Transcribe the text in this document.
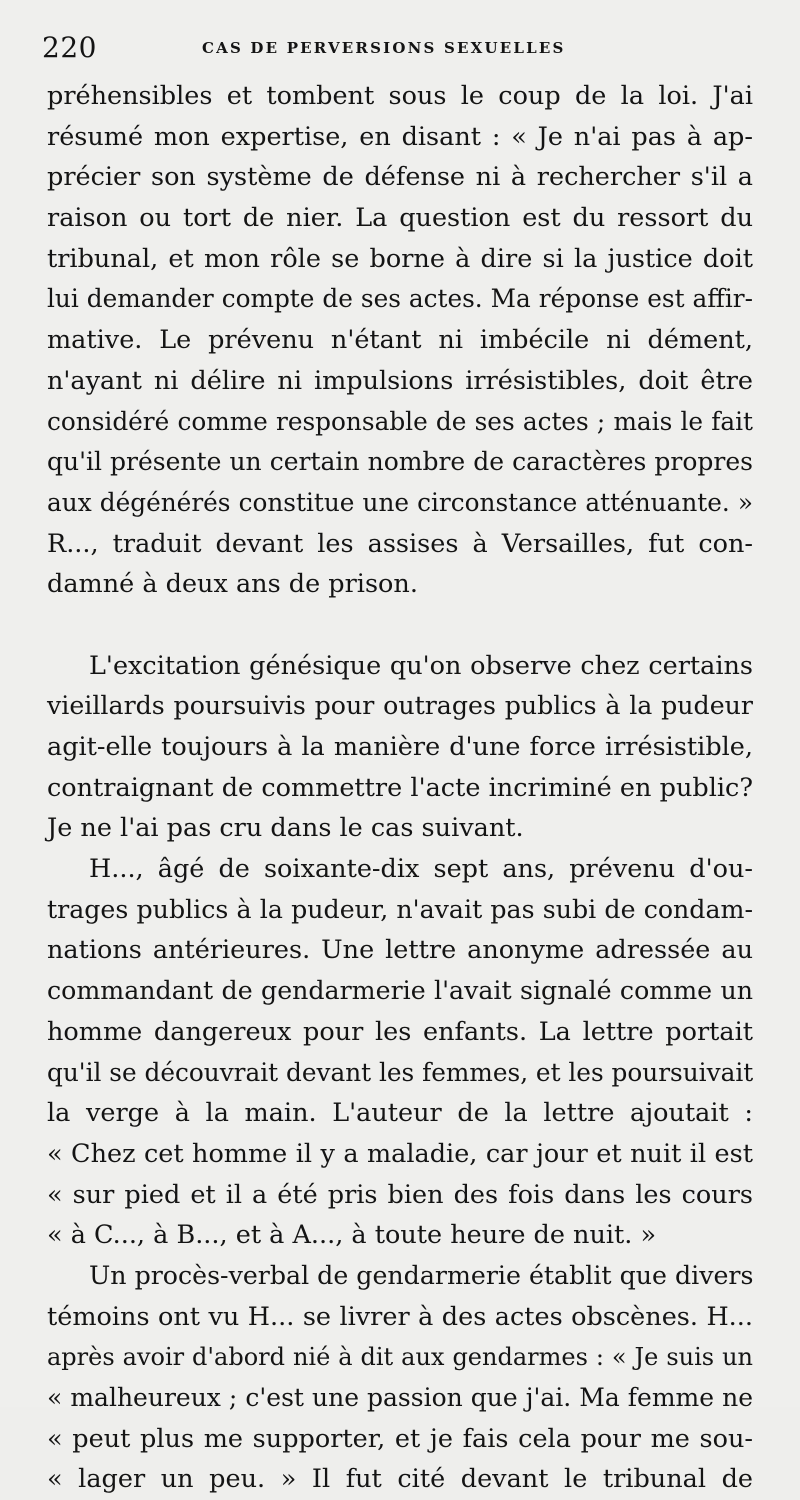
220	CAS DE PERVERSIONS SEXUELLES
préhensibles et tombent sous le coup de la loi. J'ai
résumé mon expertise, en disant : « Je n'ai pas à ap-
précier son système de défense ni à rechercher s'il a
raison ou tort de nier. La question est du ressort du
tribunal, et mon rôle se borne à dire si la justice doit
lui demander compte de ses actes. Ma réponse est affir-
mative. Le prévenu n'étant ni imbécile ni dément,
n'ayant ni délire ni impulsions irrésistibles, doit être
considéré comme responsable de ses actes ; mais le fait
qu'il présente un certain nombre de caractères propres
aux dégénérés constitue une circonstance atténuante. »
R..., traduit devant les assises à Versailles, fut con-
damné à deux ans de prison.
L'excitation génésique qu'on observe chez certains
vieillards poursuivis pour outrages publics à la pudeur
agit-elle toujours à la manière d'une force irrésistible,
contraignant de commettre l'acte incriminé en public?
Je ne l'ai pas cru dans le cas suivant.
H..., âgé de soixante-dix sept ans, prévenu d'ou-
trages publics à la pudeur, n'avait pas subi de condam-
nations antérieures. Une lettre anonyme adressée au
commandant de gendarmerie l'avait signalé comme un
homme dangereux pour les enfants. La lettre portait
qu'il se découvrait devant les femmes, et les poursuivait
la verge à la main. L'auteur de la lettre ajoutait :
« Chez cet homme il y a maladie, car jour et nuit il est
« sur pied et il a été pris bien des fois dans les cours
« à C..., à B..., et à A..., à toute heure de nuit. »
Un procès-verbal de gendarmerie établit que divers
témoins ont vu H... se livrer à des actes obscènes. H...
après avoir d'abord nié à dit aux gendarmes : « Je suis un
« malheureux ; c'est une passion que j'ai. Ma femme ne
« peut plus me supporter, et je fais cela pour me sou-
« lager un peu. » Il fut cité devant le tribunal de
